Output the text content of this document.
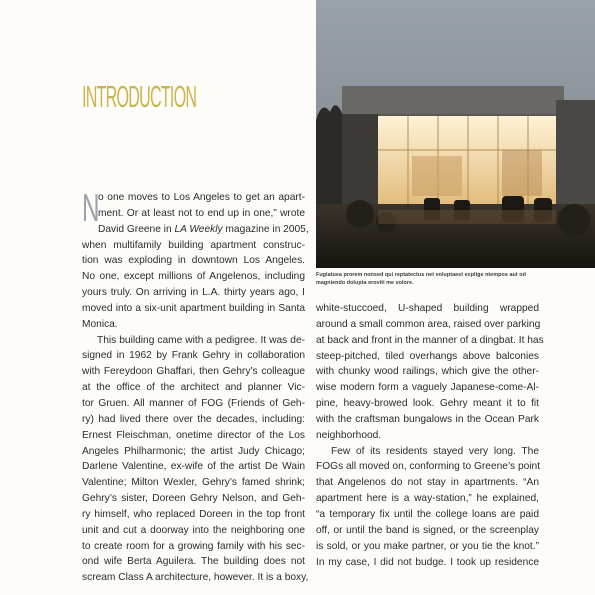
Fugiatusa prorem nonsed qui reptatectus net voluptaest explige ntempos aut od
magniendo dolupta eroviti me volore.
INTRODUCTION
N
o one moves to Los Angeles to get an apart-
ment. Or at least not to end up in one,” wrote
David Greene in LA Weekly magazine in 2005,
when multifamily building apartment construc-
tion was exploding in downtown Los Angeles.
No one, except millions of Angelenos, including
yours truly. On arriving in L.A. thirty years ago, I
moved into a six-unit apartment building in Santa
Monica.
This building came with a pedigree. It was de-
signed in 1962 by Frank Gehry in collaboration
with Fereydoon Ghaffari, then Gehry’s colleague
at the office of the architect and planner Vic-
tor Gruen. All manner of FOG (Friends of Geh-
ry) had lived there over the decades, including:
Ernest Fleischman, onetime director of the Los
Angeles Philharmonic; the artist Judy Chicago;
Darlene Valentine, ex-wife of the artist De Wain
Valentine; Milton Wexler, Gehry’s famed shrink;
Gehry’s sister, Doreen Gehry Nelson, and Geh-
ry himself, who replaced Doreen in the top front
unit and cut a doorway into the neighboring one
to create room for a growing family with his sec-
ond wife Berta Aguilera. The building does not
scream Class A architecture, however. It is a boxy,
white-stuccoed, U-shaped building wrapped
around a small common area, raised over parking
at back and front in the manner of a dingbat. It has
steep-pitched, tiled overhangs above balconies
with chunky wood railings, which give the other-
wise modern form a vaguely Japanese-come-Al-
pine, heavy-browed look. Gehry meant it to fit
with the craftsman bungalows in the Ocean Park
neighborhood.
Few of its residents stayed very long. The
FOGs all moved on, conforming to Greene’s point
that Angelenos do not stay in apartments. “An
apartment here is a way-station,” he explained,
“a temporary fix until the college loans are paid
off, or until the band is signed, or the screenplay
is sold, or you make partner, or you tie the knot.”
In my case, I did not budge. I took up residence
